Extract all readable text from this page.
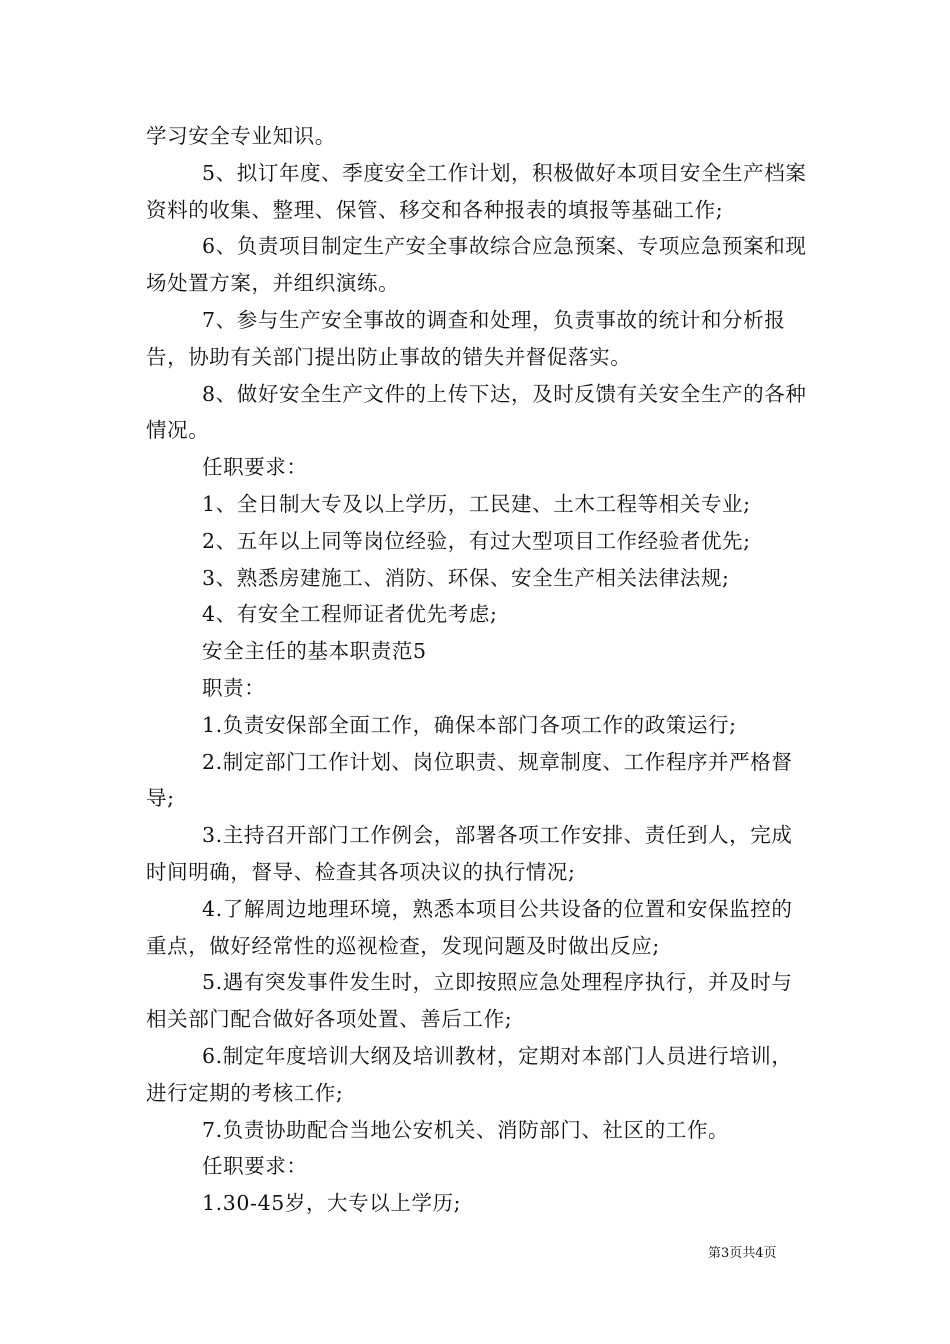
学习安全专业知识。

5、拟订年度、季度安全工作计划，积极做好本项目安全生产档案资料的收集、整理、保管、移交和各种报表的填报等基础工作;

6、负责项目制定生产安全事故综合应急预案、专项应急预案和现场处置方案，并组织演练。

7、参与生产安全事故的调查和处理，负责事故的统计和分析报告，协助有关部门提出防止事故的错失并督促落实。

8、做好安全生产文件的上传下达，及时反馈有关安全生产的各种情况。

任职要求：

1、全日制大专及以上学历，工民建、土木工程等相关专业;

2、五年以上同等岗位经验，有过大型项目工作经验者优先;

3、熟悉房建施工、消防、环保、安全生产相关法律法规;

4、有安全工程师证者优先考虑;

安全主任的基本职责范5

职责：

1.负责安保部全面工作，确保本部门各项工作的政策运行;

2.制定部门工作计划、岗位职责、规章制度、工作程序并严格督导;

3.主持召开部门工作例会，部署各项工作安排、责任到人，完成时间明确，督导、检查其各项决议的执行情况;

4.了解周边地理环境，熟悉本项目公共设备的位置和安保监控的重点，做好经常性的巡视检查，发现问题及时做出反应;

5.遇有突发事件发生时，立即按照应急处理程序执行，并及时与相关部门配合做好各项处置、善后工作;

6.制定年度培训大纲及培训教材，定期对本部门人员进行培训，进行定期的考核工作;

7.负责协助配合当地公安机关、消防部门、社区的工作。

任职要求：

1.30-45岁，大专以上学历;

第3页共4页
